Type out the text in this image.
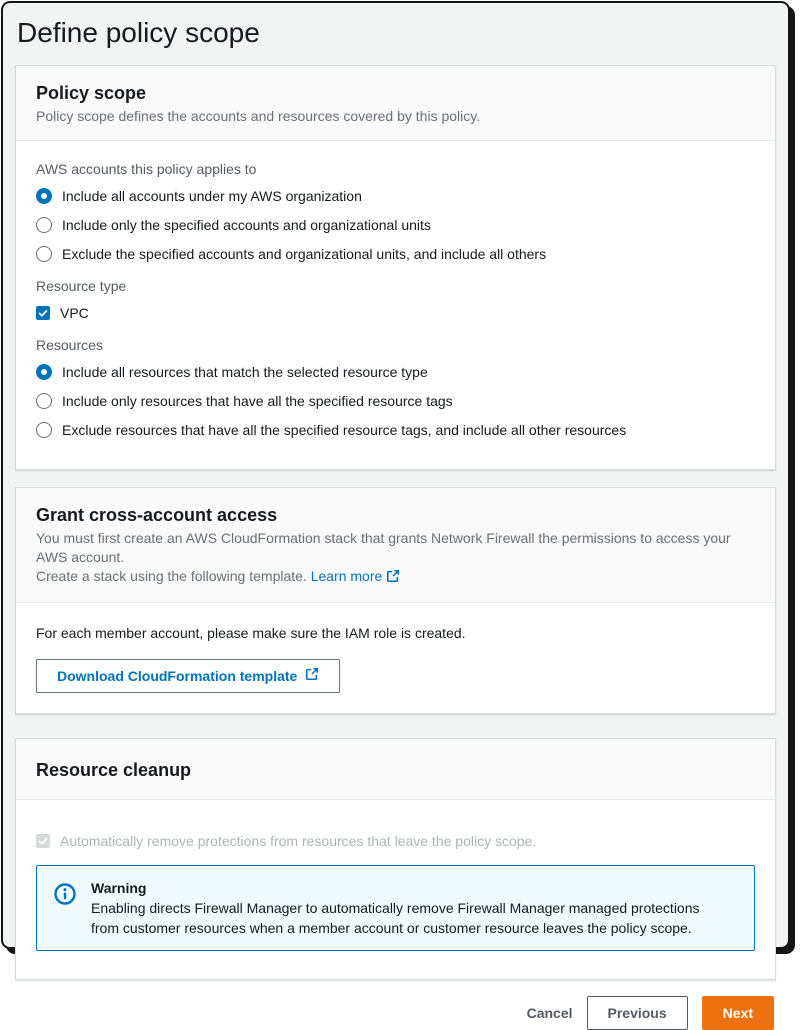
Define policy scope
Policy scope
Policy scope defines the accounts and resources covered by this policy.
AWS accounts this policy applies to
Include all accounts under my AWS organization
Include only the specified accounts and organizational units
Exclude the specified accounts and organizational units, and include all others
Resource type
VPC
Resources
Include all resources that match the selected resource type
Include only resources that have all the specified resource tags
Exclude resources that have all the specified resource tags, and include all other resources
Grant cross-account access
You must first create an AWS CloudFormation stack that grants Network Firewall the permissions to access your AWS account.
Create a stack using the following template. Learn more
For each member account, please make sure the IAM role is created.
Download CloudFormation template
Resource cleanup
Automatically remove protections from resources that leave the policy scope.
Warning
Enabling directs Firewall Manager to automatically remove Firewall Manager managed protections from customer resources when a member account or customer resource leaves the policy scope.
Cancel	Previous	Next
